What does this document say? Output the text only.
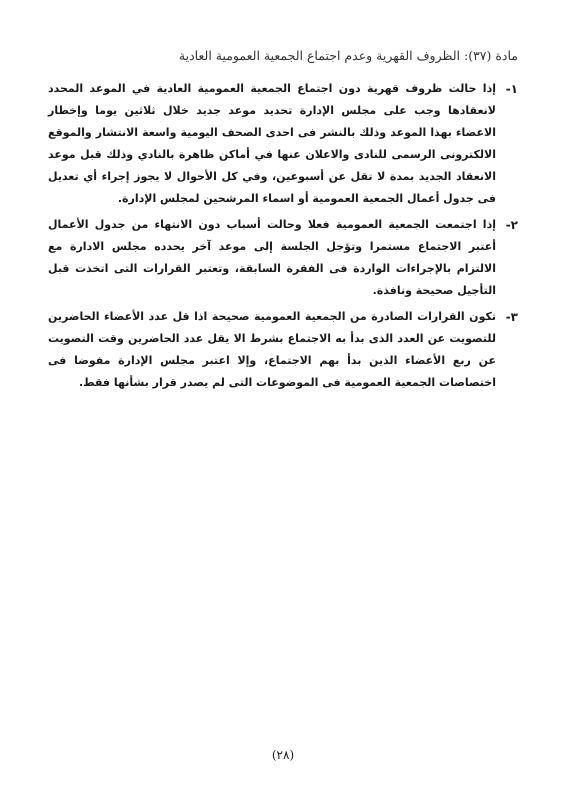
مادة (٣٧): الظروف القهرية وعدم اجتماع الجمعية العمومية العادية
١-
إذا حالت ظروف قهرية دون اجتماع الجمعية العمومية العادية في الموعد المحدد لانعقادها وجب على مجلس الإدارة تحديد موعد جديد خلال ثلاثين يوما وإخطار الاعضاء بهذا الموعد وذلك بالنشر فى احدى الصحف اليومية واسعة الانتشار والموقع الالكترونى الرسمى للنادى والاعلان عنها في أماكن ظاهرة بالنادي وذلك قبل موعد الانعقاد الجديد بمدة لا تقل عن أسبوعين، وفي كل الأحوال لا يجوز إجراء أي تعديل فى جدول أعمال الجمعية العمومية أو اسماء المرشحين لمجلس الإدارة.
٢-
إذا اجتمعت الجمعية العمومية فعلا وحالت أسباب دون الانتهاء من جدول الأعمال أعتبر الاجتماع مستمرا وتؤجل الجلسة إلى موعد آخر يحدده مجلس الادارة مع الالتزام بالإجراءات الواردة فى الفقرة السابقة، وتعتبر القرارات التى اتخذت قبل التأجيل صحيحة ونافذة.
٣-
تكون القرارات الصادرة من الجمعية العمومية صحيحة اذا قل عدد الأعضاء الحاضرين للتصويت عن العدد الذى بدأ به الاجتماع بشرط الا يقل عدد الحاضرين وقت التصويت عن ربع الأعضاء الذين بدأ بهم الاجتماع، وإلا اعتبر مجلس الإدارة مفوضا فى اختصاصات الجمعية العمومية فى الموضوعات التى لم يصدر قرار بشأنها فقط.
(٢٨)
